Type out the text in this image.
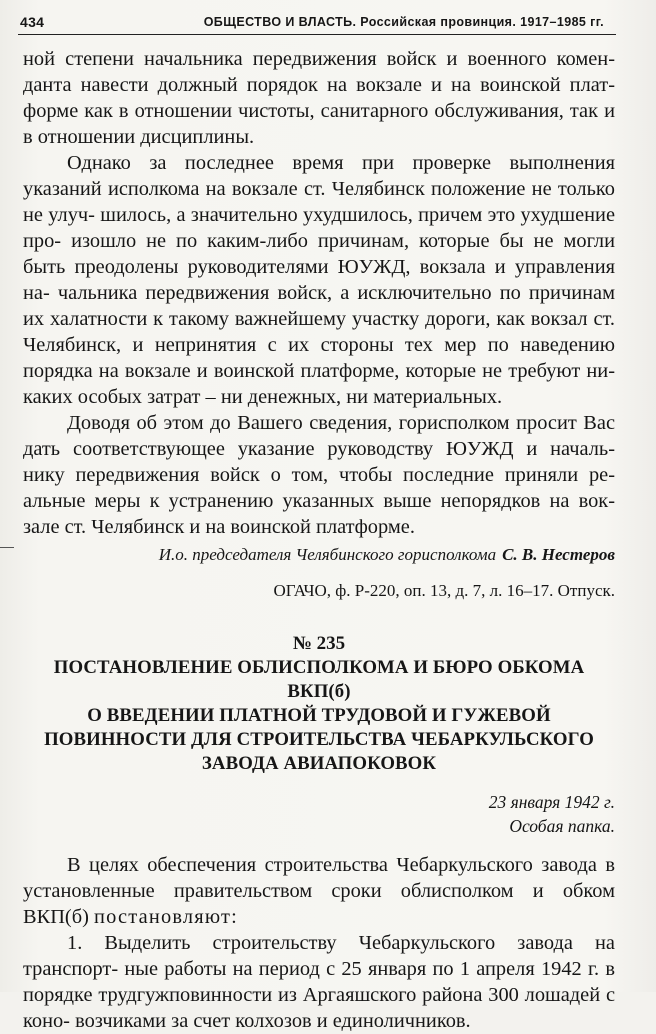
434	ОБЩЕСТВО И ВЛАСТЬ. Российская провинция. 1917–1985 гг.

ной степени начальника передвижения войск и военного комен- данта навести должный порядок на вокзале и на воинской плат- форме как в отношении чистоты, санитарного обслуживания, так и в отношении дисциплины.

Однако за последнее время при проверке выполнения указаний исполкома на вокзале ст. Челябинск положение не только не улуч- шилось, а значительно ухудшилось, причем это ухудшение про- изошло не по каким-либо причинам, которые бы не могли быть преодолены руководителями ЮУЖД, вокзала и управления на- чальника передвижения войск, а исключительно по причинам их халатности к такому важнейшему участку дороги, как вокзал ст. Челябинск, и непринятия с их стороны тех мер по наведению порядка на вокзале и воинской платформе, которые не требуют ни- каких особых затрат – ни денежных, ни материальных.

Доводя об этом до Вашего сведения, горисполком просит Вас дать соответствующее указание руководству ЮУЖД и началь- нику передвижения войск о том, чтобы последние приняли ре- альные меры к устранению указанных выше непорядков на вок- зале ст. Челябинск и на воинской платформе.

И.о. председателя Челябинского горисполкома С. В. Нестеров
ОГАЧО, ф. Р-220, оп. 13, д. 7, л. 16–17. Отпуск.
№ 235
ПОСТАНОВЛЕНИЕ ОБЛИСПОЛКОМА И БЮРО ОБКОМА ВКП(б)
О ВВЕДЕНИИ ПЛАТНОЙ ТРУДОВОЙ И ГУЖЕВОЙ
ПОВИННОСТИ ДЛЯ СТРОИТЕЛЬСТВА ЧЕБАРКУЛЬСКОГО
ЗАВОДА АВИАПОКОВОК
23 января 1942 г.
Особая папка.

В целях обеспечения строительства Чебаркульского завода в установленные правительством сроки облисполком и обком ВКП(б) постановляют:

1. Выделить строительству Чебаркульского завода на транспорт- ные работы на период с 25 января по 1 апреля 1942 г. в порядке трудгужповинности из Аргаяшского района 300 лошадей с коно- возчиками за счет колхозов и единоличников.
